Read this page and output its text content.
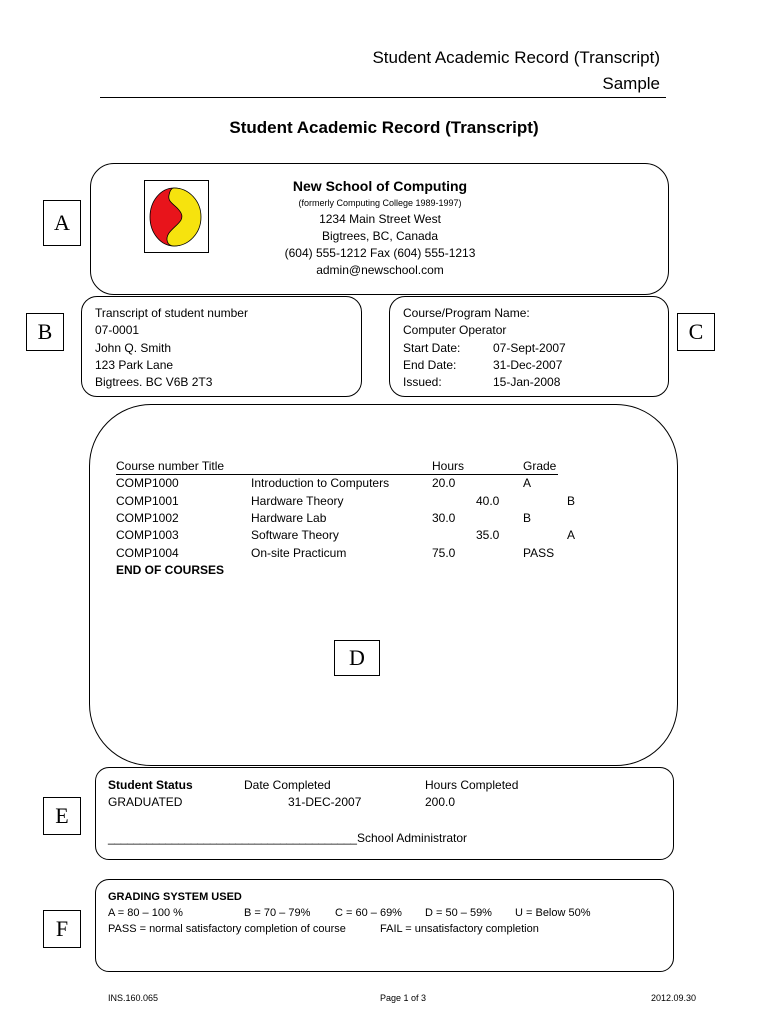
Student Academic Record (Transcript)
Sample
Student Academic Record (Transcript)
A
New School of Computing
(formerly Computing College 1989-1997)
1234 Main Street West
Bigtrees, BC, Canada
(604) 555-1212 Fax (604) 555-1213
admin@newschool.com
B
Transcript of student number
07-0001
John Q. Smith
123 Park Lane
Bigtrees. BC V6B 2T3
C
Course/Program Name:
Computer Operator
Start Date:	07-Sept-2007
End Date:	31-Dec-2007
Issued:	15-Jan-2008
Course number Title	Hours	Grade
COMP1000	Introduction to Computers	20.0	A
COMP1001	Hardware Theory	40.0	B
COMP1002	Hardware Lab	30.0	B
COMP1003	Software Theory	35.0	A
COMP1004	On-site Practicum	75.0	PASS
END OF COURSES
D
E
Student Status	Date Completed	Hours Completed
GRADUATED	31-DEC-2007	200.0
_______________________________________ School Administrator
F
GRADING SYSTEM USED
A = 80 – 100 %	B = 70 – 79% C = 60 – 69% D = 50 – 59% U = Below 50%
PASS = normal satisfactory completion of course	FAIL = unsatisfactory completion
INS.160.065	Page 1 of 3	2012.09.30
